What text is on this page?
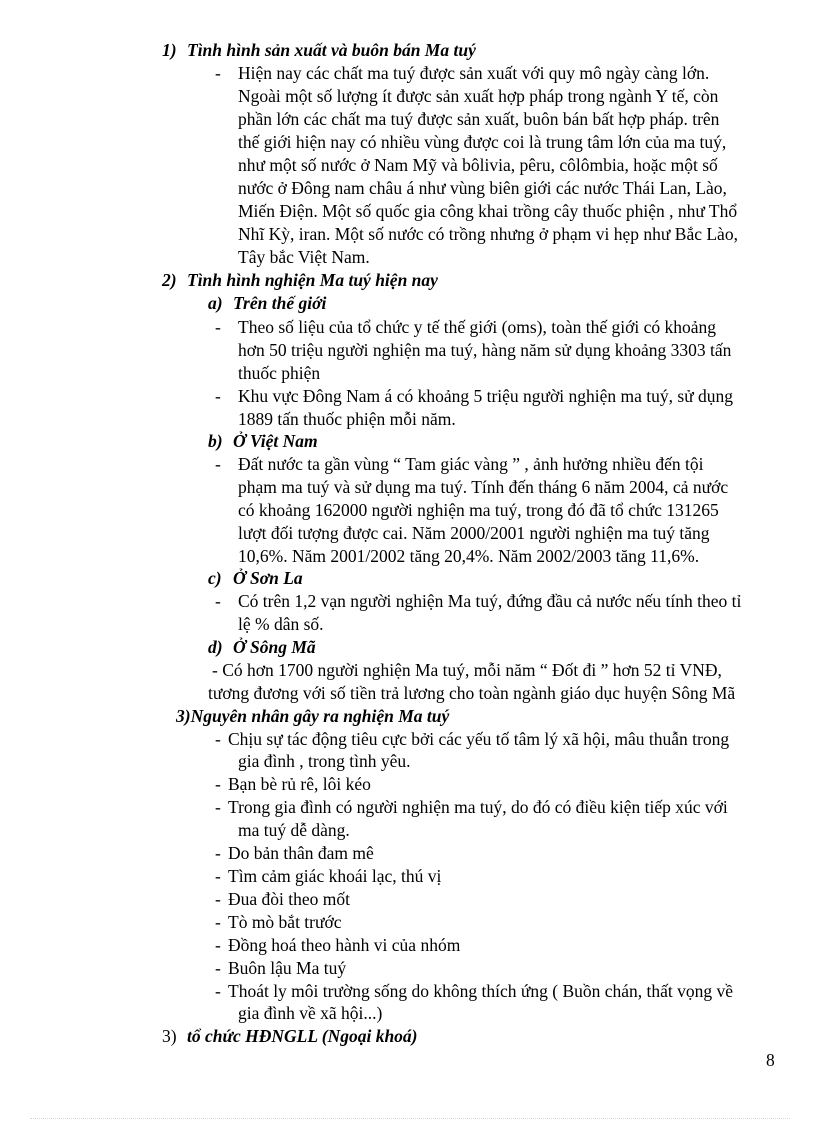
1) Tình hình sản xuất và buôn bán Ma tuý
- Hiện nay các chất ma tuý được sản xuất với quy mô ngày càng lớn.
Ngoài một số lượng ít được sản xuất hợp pháp trong ngành Y tế, còn
phần lớn các chất ma tuý được sản xuất, buôn bán bất hợp pháp. trên
thế giới hiện nay có nhiều vùng được coi là trung tâm lớn của ma tuý,
như một số nước ở Nam Mỹ và bôlivia, pêru, côlômbia, hoặc một số
nước ở Đông nam châu á như vùng biên giới các nước Thái Lan, Lào,
Miến Điện. Một số quốc gia công khai trồng cây thuốc phiện , như Thổ
Nhĩ Kỳ, iran. Một số nước có trồng nhưng ở phạm vi hẹp như Bắc Lào,
Tây bắc Việt Nam.
2) Tình hình nghiện Ma tuý hiện nay
a) Trên thế giới
- Theo số liệu của tổ chức y tế thế giới (oms), toàn thế giới có khoảng
hơn 50 triệu người nghiện ma tuý, hàng năm sử dụng khoảng 3303 tấn
thuốc phiện
- Khu vực Đông Nam á có khoảng 5 triệu người nghiện ma tuý, sử dụng
1889 tấn thuốc phiện mỗi năm.
b) Ở Việt Nam
- Đất nước ta gần vùng “ Tam giác vàng ” , ảnh hưởng nhiều đến tội
phạm ma tuý và sử dụng ma tuý. Tính đến tháng 6 năm 2004, cả nước
có khoảng 162000 người nghiện ma tuý, trong đó đã tổ chức 131265
lượt đối tượng được cai. Năm 2000/2001 người nghiện ma tuý tăng
10,6%. Năm 2001/2002 tăng 20,4%. Năm 2002/2003 tăng 11,6%.
c) Ở Sơn La
- Có trên 1,2 vạn người nghiện Ma tuý, đứng đầu cả nước nếu tính theo tỉ
lệ % dân số.
d) Ở Sông Mã
- Có hơn 1700 người nghiện Ma tuý, mỗi năm “ Đốt đi ” hơn 52 tỉ VNĐ,
tương đương với số tiền trả lương cho toàn ngành giáo dục huyện Sông Mã
3)Nguyên nhân gây ra nghiện Ma tuý
- Chịu sự tác động tiêu cực bởi các yếu tố tâm lý xã hội, mâu thuẫn trong
gia đình , trong tình yêu.
- Bạn bè rủ rê, lôi kéo
- Trong gia đình có người nghiện ma tuý, do đó có điều kiện tiếp xúc với
ma tuý dễ dàng.
- Do bản thân đam mê
- Tìm cảm giác khoái lạc, thú vị
- Đua đòi theo mốt
- Tò mò bắt trước
- Đồng hoá theo hành vi của nhóm
- Buôn lậu Ma tuý
- Thoát ly môi trường sống do không thích ứng ( Buồn chán, thất vọng về
gia đình về xã hội...)
3) tổ chức HĐNGLL (Ngoại khoá)
8
